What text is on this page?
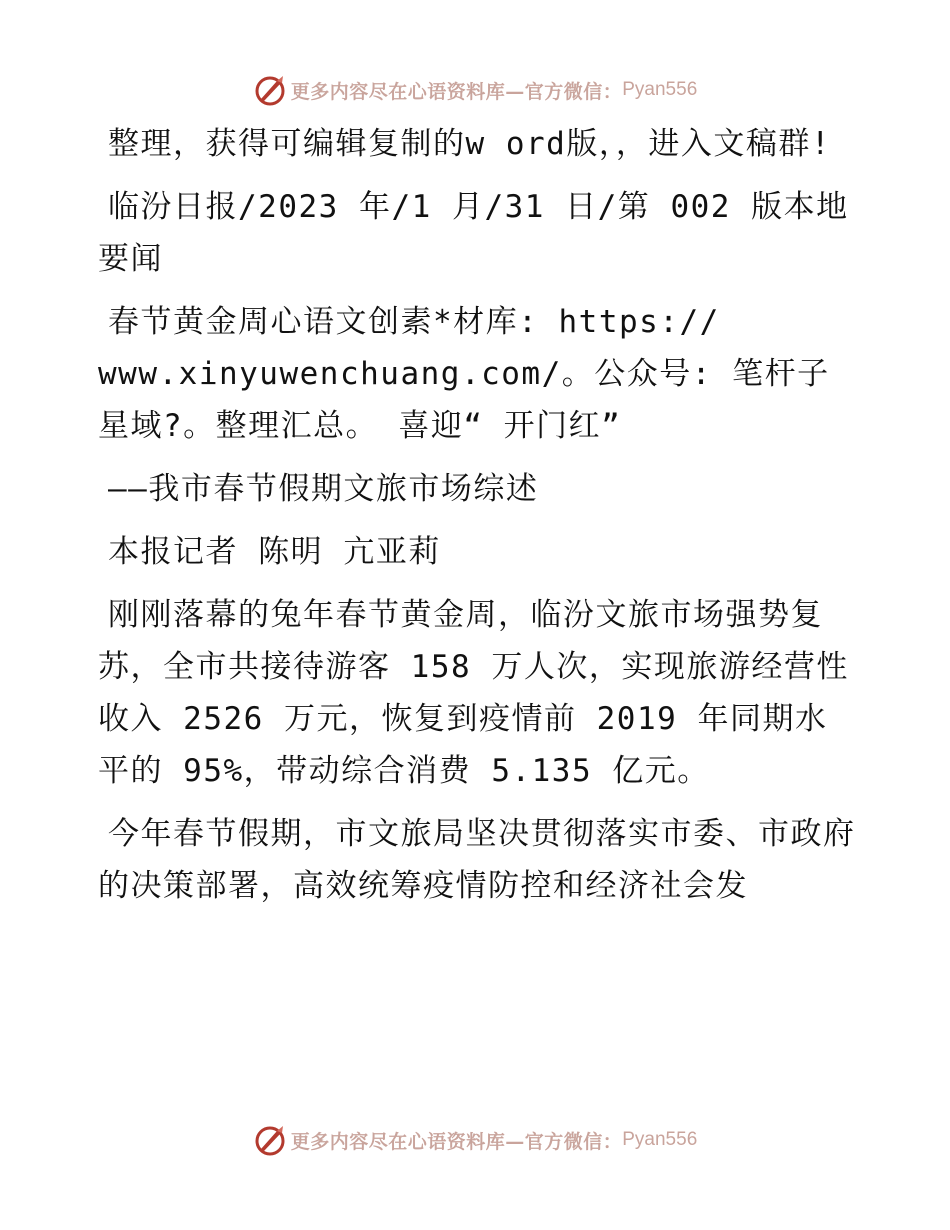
更多内容尽在心语资料库—官方微信： Pyan556

整理，获得可编辑复制的w ord版，，进入文稿群!

临汾日报/2023 年/1 月/31 日/第 002 版本地要闻

春节黄金周心语文创素*材库: https:// www.xinyuwenchuang.com/。公众号: 笔杆子星域?。整理汇总。 喜迎“ 开门红”

——我市春节假期文旅市场综述

本报记者 陈明 亢亚莉

刚刚落幕的兔年春节黄金周，临汾文旅市场强势复苏，全市共接待游客 158 万人次，实现旅游经营性收入 2526 万元，恢复到疫情前 2019 年同期水平的 95%，带动综合消费 5.135 亿元。

今年春节假期，市文旅局坚决贯彻落实市委、市政府的决策部署，高效统筹疫情防控和经济社会发

更多内容尽在心语资料库—官方微信： Pyan556
